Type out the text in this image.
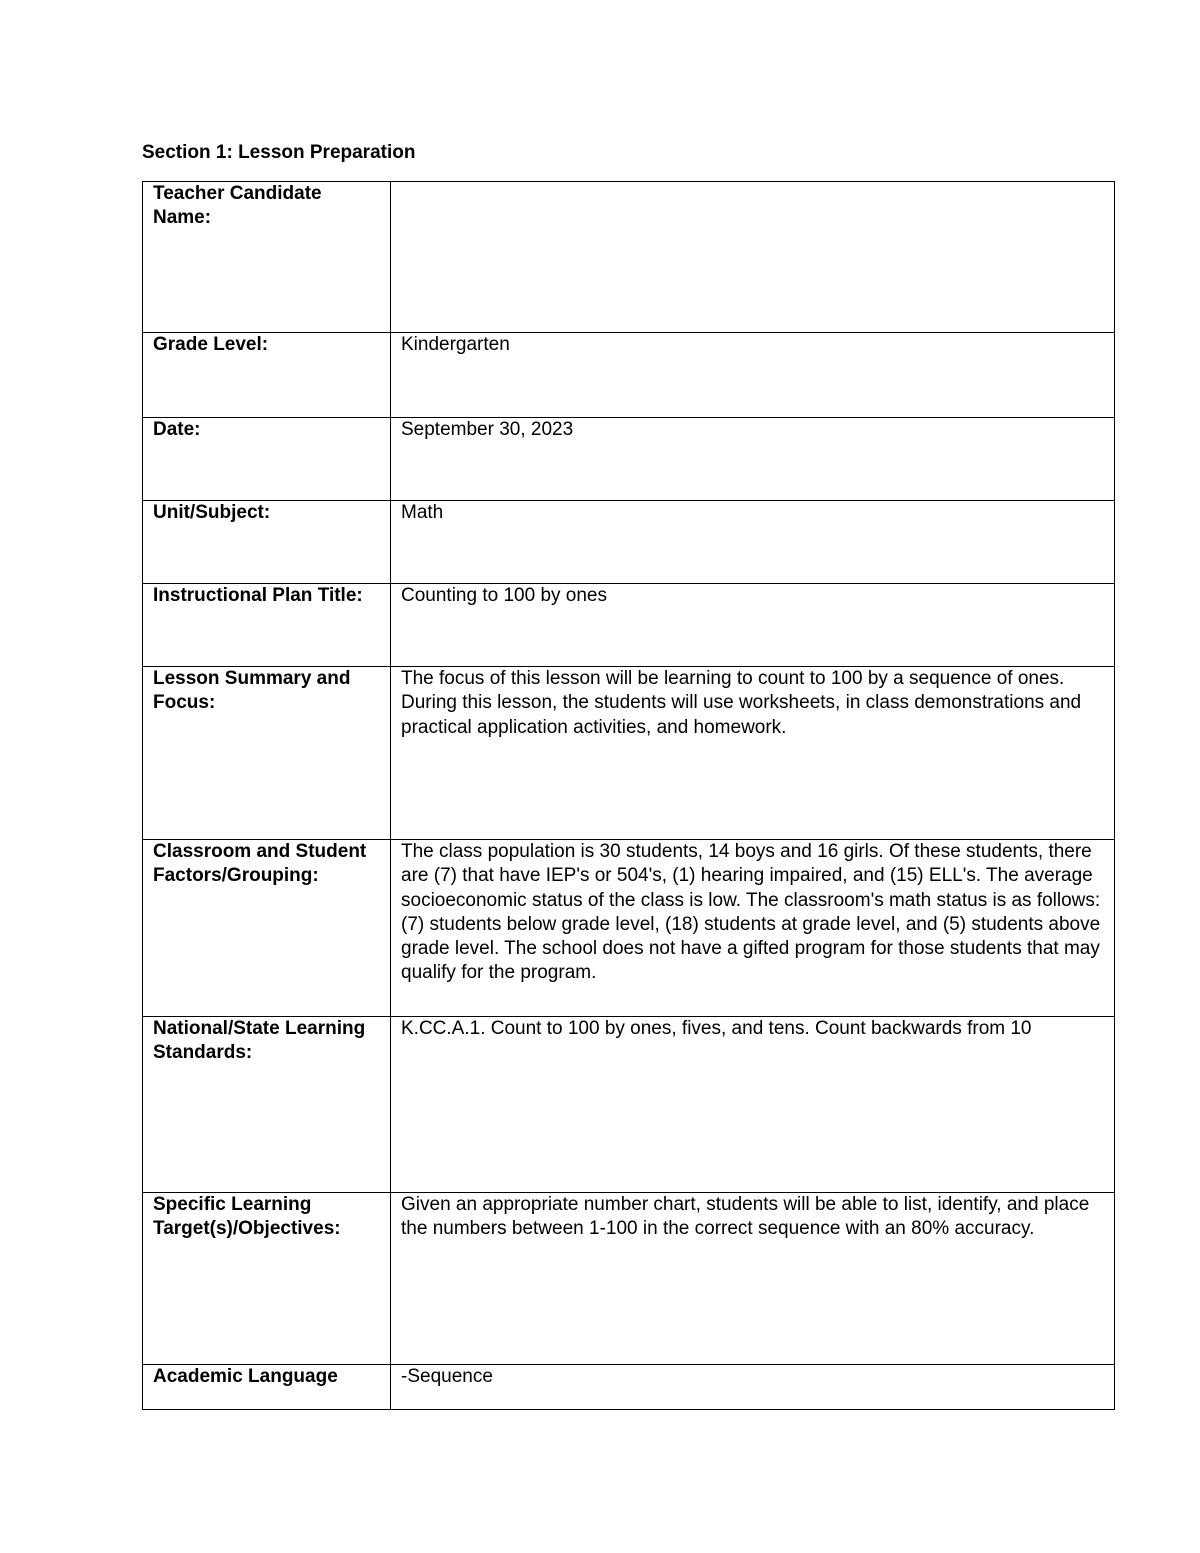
Section 1: Lesson Preparation
Teacher Candidate Name:	

Grade Level:	Kindergarten

Date:	September 30, 2023

Unit/Subject:	Math

Instructional Plan Title:	Counting to 100 by ones

Lesson Summary and Focus:	The focus of this lesson will be learning to count to 100 by a sequence of ones. During this lesson, the students will use worksheets, in class demonstrations and practical application activities, and homework.

Classroom and Student Factors/Grouping:	The class population is 30 students, 14 boys and 16 girls. Of these students, there are (7) that have IEP's or 504's, (1) hearing impaired, and (15) ELL's. The average socioeconomic status of the class is low. The classroom's math status is as follows: (7) students below grade level, (18) students at grade level, and (5) students above grade level. The school does not have a gifted program for those students that may qualify for the program.

National/State Learning Standards:	K.CC.A.1. Count to 100 by ones, fives, and tens. Count backwards from 10

Specific Learning Target(s)/Objectives:	Given an appropriate number chart, students will be able to list, identify, and place the numbers between 1-100 in the correct sequence with an 80% accuracy.

Academic Language	-Sequence
